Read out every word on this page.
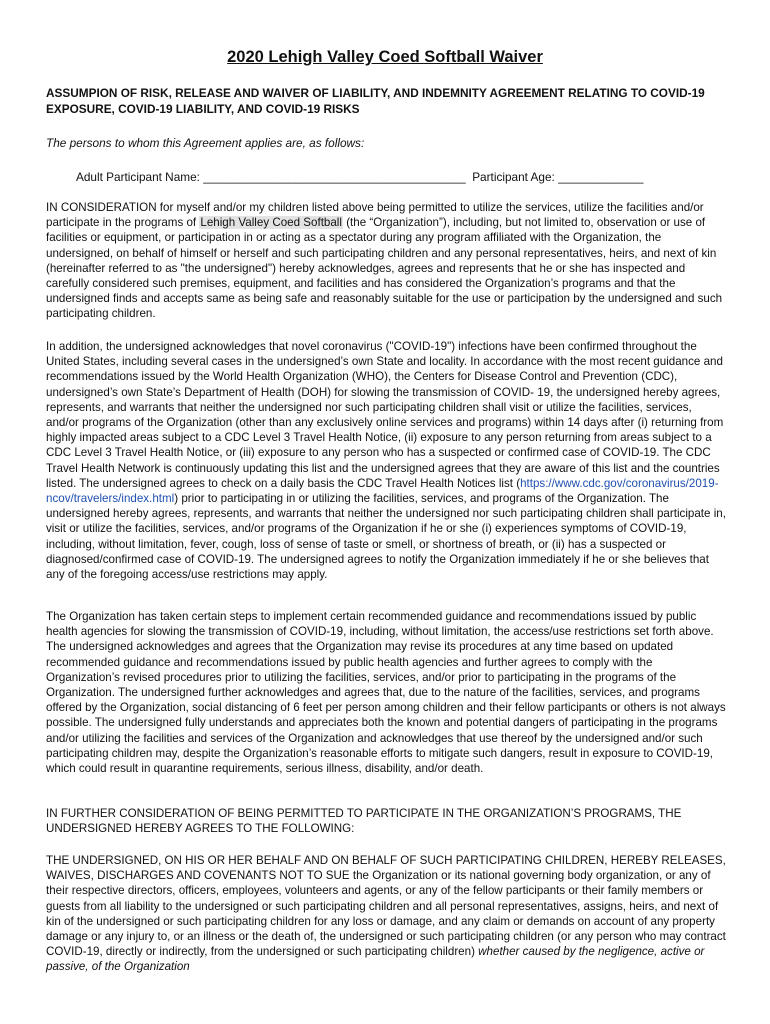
2020 Lehigh Valley Coed Softball Waiver
ASSUMPION OF RISK, RELEASE AND WAIVER OF LIABILITY, AND INDEMNITY AGREEMENT RELATING TO COVID-19 EXPOSURE, COVID-19 LIABILITY, AND COVID-19 RISKS
The persons to whom this Agreement applies are, as follows:
Adult Participant Name: ________________________________________  Participant Age: _____________

IN CONSIDERATION for myself and/or my children listed above being permitted to utilize the services, utilize the facilities and/or participate in the programs of Lehigh Valley Coed Softball (the “Organization”), including, but not limited to, observation or use of facilities or equipment, or participation in or acting as a spectator during any program affiliated with the Organization, the undersigned, on behalf of himself or herself and such participating children and any personal representatives, heirs, and next of kin (hereinafter referred to as "the undersigned") hereby acknowledges, agrees and represents that he or she has inspected and carefully considered such premises, equipment, and facilities and has considered the Organization’s programs and that the undersigned finds and accepts same as being safe and reasonably suitable for the use or participation by the undersigned and such participating children.

In addition, the undersigned acknowledges that novel coronavirus ("COVID-19") infections have been confirmed throughout the United States, including several cases in the undersigned’s own State and locality. In accordance with the most recent guidance and recommendations issued by the World Health Organization (WHO), the Centers for Disease Control and Prevention (CDC), undersigned’s own State’s Department of Health (DOH) for slowing the transmission of COVID- 19, the undersigned hereby agrees, represents, and warrants that neither the undersigned nor such participating children shall visit or utilize the facilities, services, and/or programs of the Organization (other than any exclusively online services and programs) within 14 days after (i) returning from highly impacted areas subject to a CDC Level 3 Travel Health Notice, (ii) exposure to any person returning from areas subject to a CDC Level 3 Travel Health Notice, or (iii) exposure to any person who has a suspected or confirmed case of COVID-19. The CDC Travel Health Network is continuously updating this list and the undersigned agrees that they are aware of this list and the countries listed. The undersigned agrees to check on a daily basis the CDC Travel Health Notices list (https://www.cdc.gov/coronavirus/2019-ncov/travelers/index.html) prior to participating in or utilizing the facilities, services, and programs of the Organization. The undersigned hereby agrees, represents, and warrants that neither the undersigned nor such participating children shall participate in, visit or utilize the facilities, services, and/or programs of the Organization if he or she (i) experiences symptoms of COVID-19, including, without limitation, fever, cough, loss of sense of taste or smell, or shortness of breath, or (ii) has a suspected or diagnosed/confirmed case of COVID-19. The undersigned agrees to notify the Organization immediately if he or she believes that any of the foregoing access/use restrictions may apply.

The Organization has taken certain steps to implement certain recommended guidance and recommendations issued by public health agencies for slowing the transmission of COVID-19, including, without limitation, the access/use restrictions set forth above. The undersigned acknowledges and agrees that the Organization may revise its procedures at any time based on updated recommended guidance and recommendations issued by public health agencies and further agrees to comply with the Organization’s revised procedures prior to utilizing the facilities, services, and/or prior to participating in the programs of the Organization. The undersigned further acknowledges and agrees that, due to the nature of the facilities, services, and programs offered by the Organization, social distancing of 6 feet per person among children and their fellow participants or others is not always possible. The undersigned fully understands and appreciates both the known and potential dangers of participating in the programs and/or utilizing the facilities and services of the Organization and acknowledges that use thereof by the undersigned and/or such participating children may, despite the Organization’s reasonable efforts to mitigate such dangers, result in exposure to COVID-19, which could result in quarantine requirements, serious illness, disability, and/or death.

IN FURTHER CONSIDERATION OF BEING PERMITTED TO PARTICIPATE IN THE ORGANIZATION’S PROGRAMS, THE UNDERSIGNED HEREBY AGREES TO THE FOLLOWING:

THE UNDERSIGNED, ON HIS OR HER BEHALF AND ON BEHALF OF SUCH PARTICIPATING CHILDREN, HEREBY RELEASES, WAIVES, DISCHARGES AND COVENANTS NOT TO SUE the Organization or its national governing body organization, or any of their respective directors, officers, employees, volunteers and agents, or any of the fellow participants or their family members or guests from all liability to the undersigned or such participating children and all personal representatives, assigns, heirs, and next of kin of the undersigned or such participating children for any loss or damage, and any claim or demands on account of any property damage or any injury to, or an illness or the death of, the undersigned or such participating children (or any person who may contract COVID-19, directly or indirectly, from the undersigned or such participating children) whether caused by the negligence, active or passive, of the Organization
